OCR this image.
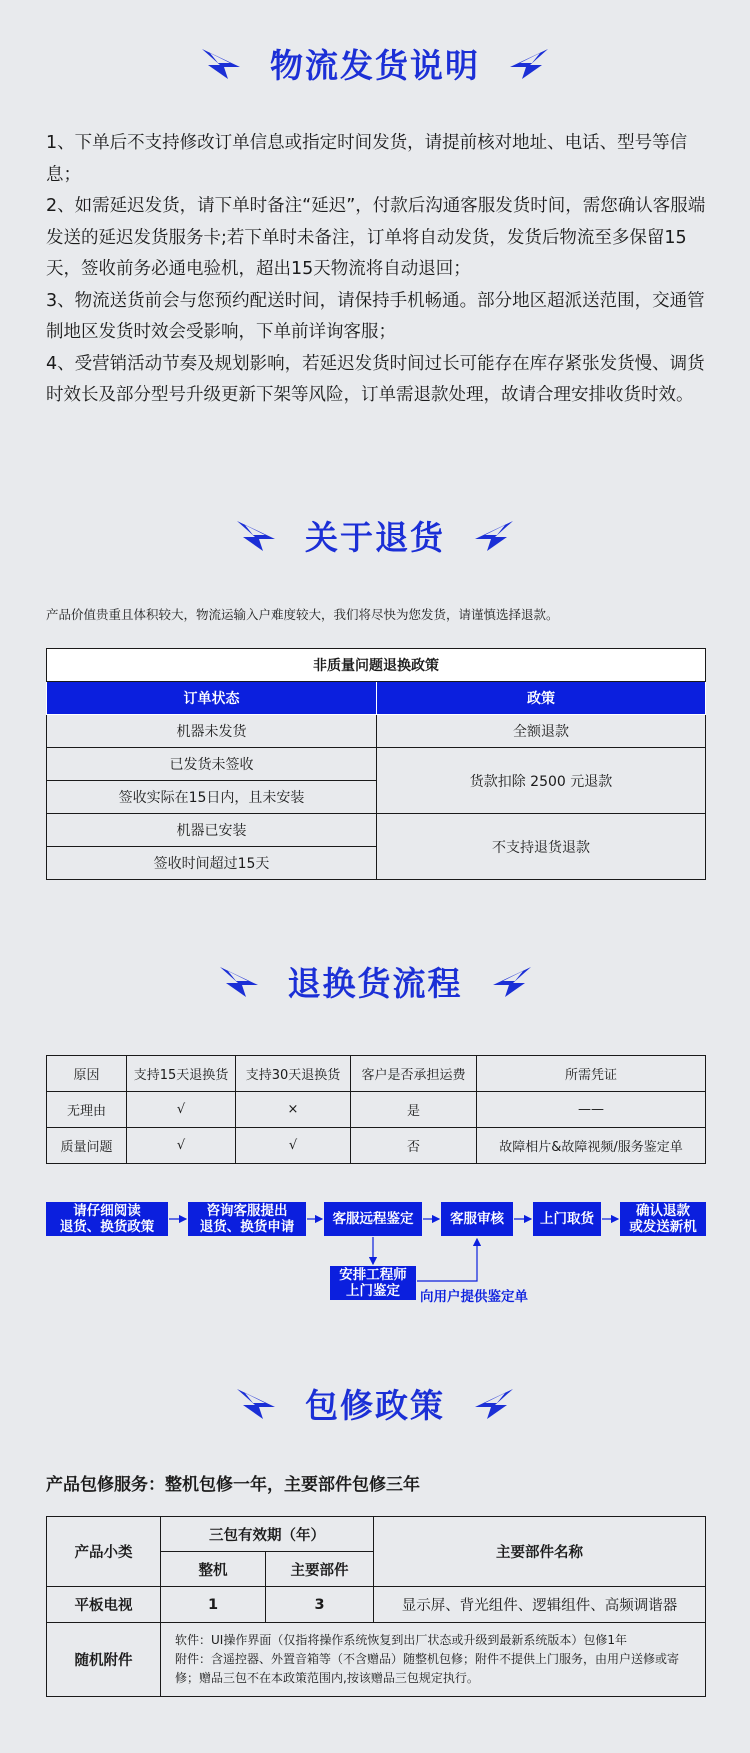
物流发货说明

1、下单后不支持修改订单信息或指定时间发货，请提前核对地址、电话、型号等信息；

2、如需延迟发货，请下单时备注“延迟”，付款后沟通客服发货时间，需您确认客服端发送的延迟发货服务卡;若下单时未备注，订单将自动发货，发货后物流至多保留15天，签收前务必通电验机，超出15天物流将自动退回；

3、物流送货前会与您预约配送时间，请保持手机畅通。部分地区超派送范围，交通管制地区发货时效会受影响，下单前详询客服；

4、受营销活动节奏及规划影响，若延迟发货时间过长可能存在库存紧张发货慢、调货时效长及部分型号升级更新下架等风险，订单需退款处理，故请合理安排收货时效。

关于退货
产品价值贵重且体积较大，物流运输入户难度较大，我们将尽快为您发货，请谨慎选择退款。
非质量问题退换政策	
订单状态	政策
机器未发货	全额退款
已发货未签收	货款扣除 2500 元退款
签收实际在15日内，且未安装	
机器已安装	不支持退货退款
签收时间超过15天	
退换货流程
原因	支持15天退换货	支持30天退换货	客户是否承担运费	所需凭证
无理由	√	×	是	——
质量问题	√	√	否	故障相片&故障视频/服务鉴定单
请仔细阅读
退货、换货政策
咨询客服提出
退货、换货申请	客服远程鉴定	客服审核	上门取货	确认退款
或发送新机
安排工程师
上门鉴定	向用户提供鉴定单
包修政策
产品包修服务：整机包修一年，主要部件包修三年
产品小类	三包有效期（年）		主要部件名称
	整机	主要部件	
平板电视	1	3	显示屏、背光组件、逻辑组件、高频调谐器
随机附件	软件：UI操作界面（仅指将操作系统恢复到出厂状态或升级到最新系统版本）包修1年
附件：含遥控器、外置音箱等（不含赠品）随整机包修；附件不提供上门服务，由用户送修或寄修；赠品三包不在本政策范围内,按该赠品三包规定执行。		
